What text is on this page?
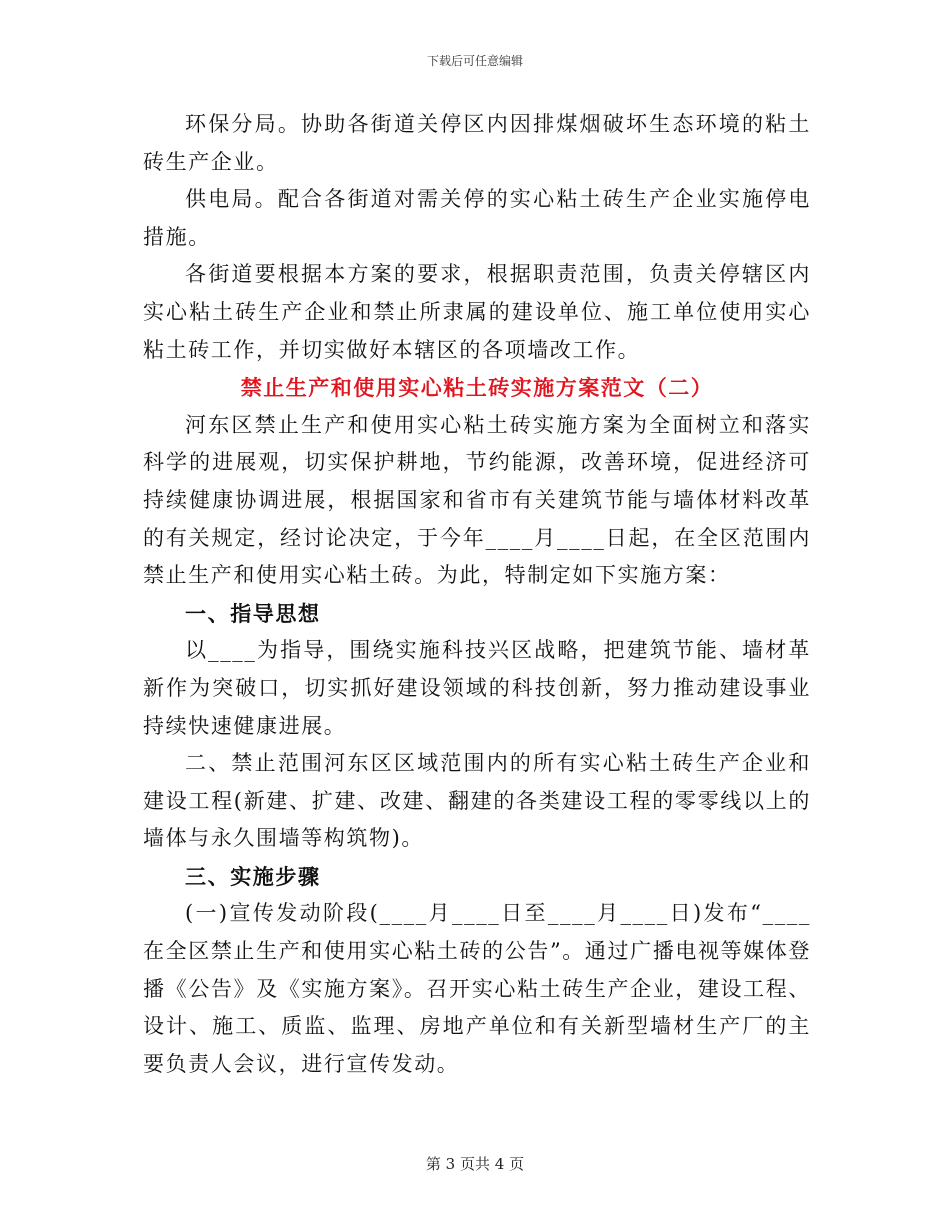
下载后可任意编辑

环保分局。协助各街道关停区内因排煤烟破坏生态环境的粘土砖生产企业。

供电局。配合各街道对需关停的实心粘土砖生产企业实施停电措施。

各街道要根据本方案的要求，根据职责范围，负责关停辖区内实心粘土砖生产企业和禁止所隶属的建设单位、施工单位使用实心粘土砖工作，并切实做好本辖区的各项墙改工作。

禁止生产和使用实心粘土砖实施方案范文（二）

河东区禁止生产和使用实心粘土砖实施方案为全面树立和落实科学的进展观，切实保护耕地，节约能源，改善环境，促进经济可持续健康协调进展，根据国家和省市有关建筑节能与墙体材料改革的有关规定，经讨论决定，于今年____月____日起，在全区范围内禁止生产和使用实心粘土砖。为此，特制定如下实施方案：

一、指导思想

以____为指导，围绕实施科技兴区战略，把建筑节能、墙材革新作为突破口，切实抓好建设领域的科技创新，努力推动建设事业持续快速健康进展。

二、禁止范围河东区区域范围内的所有实心粘土砖生产企业和建设工程(新建、扩建、改建、翻建的各类建设工程的零零线以上的墙体与永久围墙等构筑物)。

三、实施步骤

(一)宣传发动阶段(____月____日至____月____日)发布“____在全区禁止生产和使用实心粘土砖的公告”。通过广播电视等媒体登播《公告》及《实施方案》。召开实心粘土砖生产企业，建设工程、设计、施工、质监、监理、房地产单位和有关新型墙材生产厂的主要负责人会议，进行宣传发动。

第 3 页共 4 页
